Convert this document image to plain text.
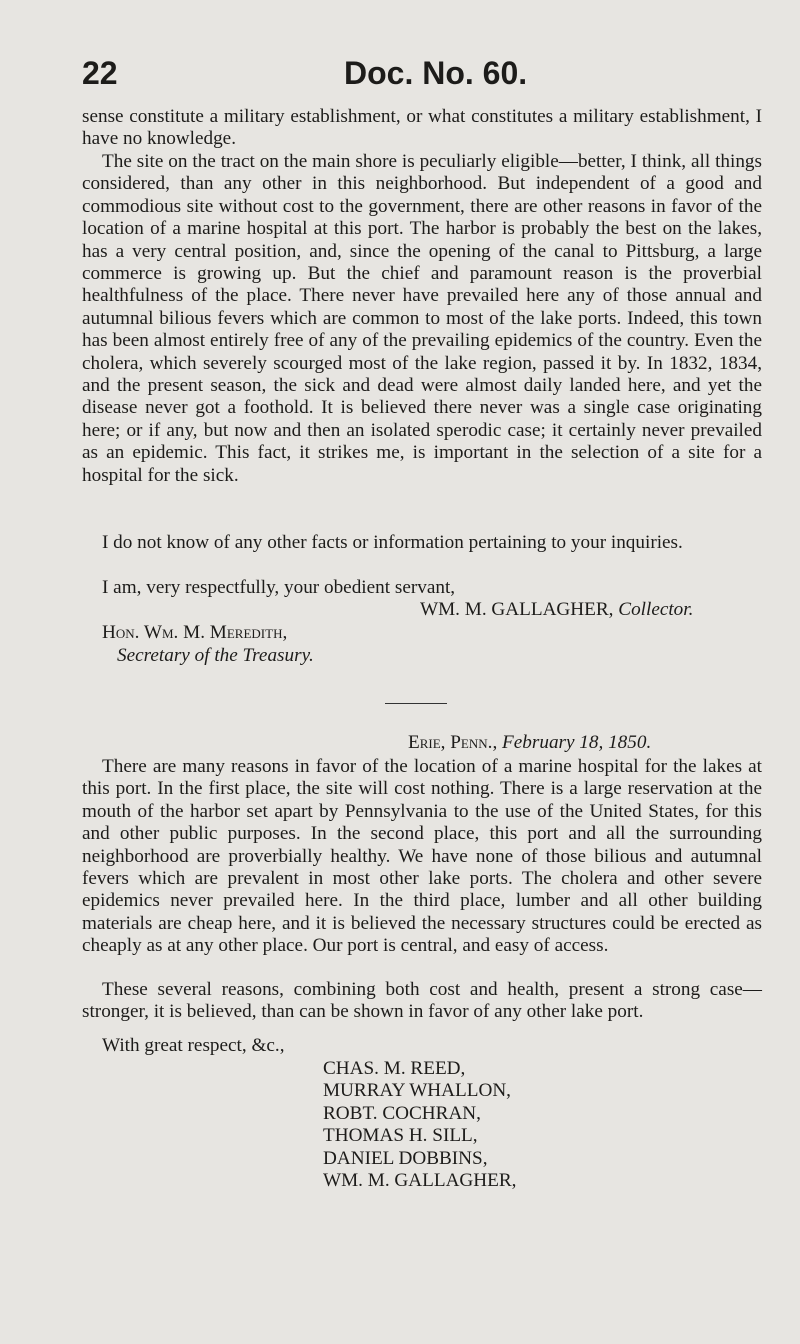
22	Doc. No. 60.
sense constitute a military establishment, or what constitutes a military establishment, I have no knowledge.
The site on the tract on the main shore is peculiarly eligible—better, I think, all things considered, than any other in this neighborhood. But independent of a good and commodious site without cost to the government, there are other reasons in favor of the location of a marine hospital at this port. The harbor is probably the best on the lakes, has a very central position, and, since the opening of the canal to Pittsburg, a large commerce is growing up. But the chief and paramount reason is the proverbial healthfulness of the place. There never have prevailed here any of those annual and autumnal bilious fevers which are common to most of the lake ports. Indeed, this town has been almost entirely free of any of the prevailing epidemics of the country. Even the cholera, which severely scourged most of the lake region, passed it by. In 1832, 1834, and the present season, the sick and dead were almost daily landed here, and yet the disease never got a foothold. It is believed there never was a single case originating here; or if any, but now and then an isolated sperodic case; it certainly never prevailed as an epidemic. This fact, it strikes me, is important in the selection of a site for a hospital for the sick.
I do not know of any other facts or information pertaining to your inquiries.
I am, very respectfully, your obedient servant,
WM. M. GALLAGHER, Collector.
Hon. Wm. M. Meredith,
Secretary of the Treasury.
Erie, Penn., February 18, 1850.
There are many reasons in favor of the location of a marine hospital for the lakes at this port. In the first place, the site will cost nothing. There is a large reservation at the mouth of the harbor set apart by Pennsylvania to the use of the United States, for this and other public purposes. In the second place, this port and all the surrounding neighborhood are proverbially healthy. We have none of those bilious and autumnal fevers which are prevalent in most other lake ports. The cholera and other severe epidemics never prevailed here. In the third place, lumber and all other building materials are cheap here, and it is believed the necessary structures could be erected as cheaply as at any other place. Our port is central, and easy of access.
These several reasons, combining both cost and health, present a strong case—stronger, it is believed, than can be shown in favor of any other lake port.
With great respect, &c.,
CHAS. M. REED,
MURRAY WHALLON,
ROBT. COCHRAN,
THOMAS H. SILL,
DANIEL DOBBINS,
WM. M. GALLAGHER,
